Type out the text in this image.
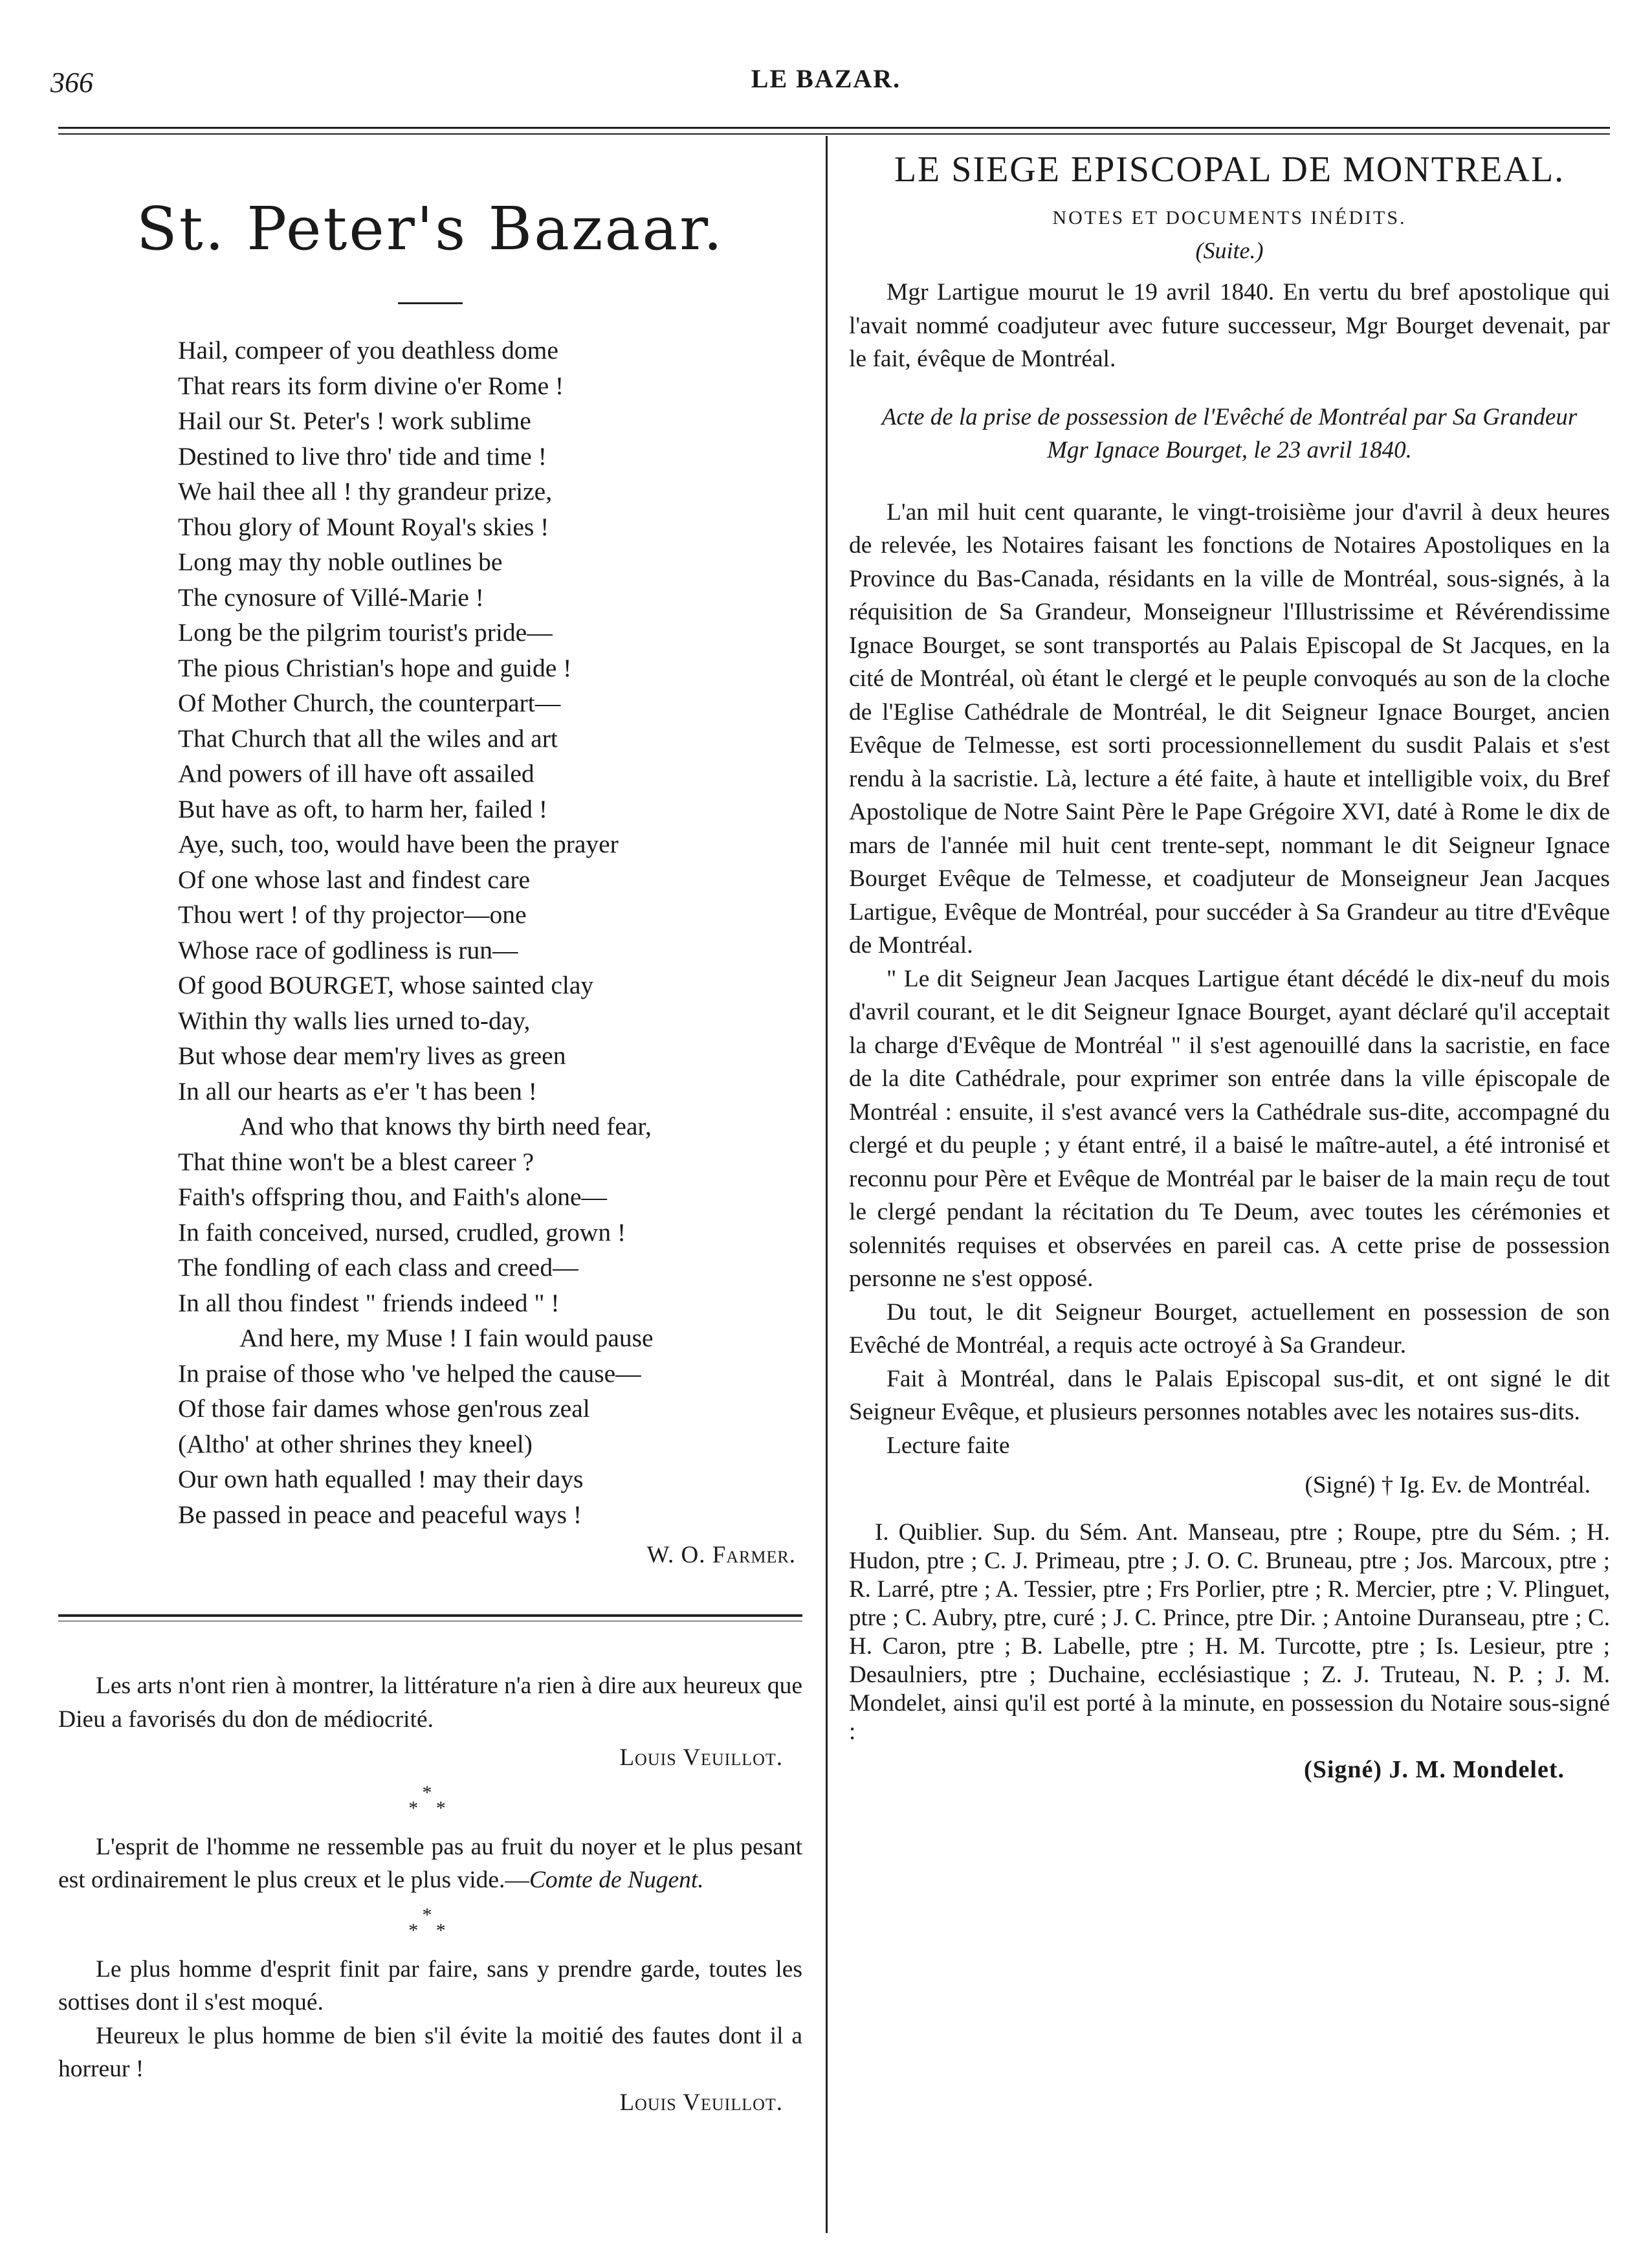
366	LE BAZAR.
St. Peter's Bazaar.
Hail, compeer of you deathless dome
That rears its form divine o'er Rome !
Hail our St. Peter's ! work sublime
Destined to live thro' tide and time !
We hail thee all ! thy grandeur prize,
Thou glory of Mount Royal's skies !
Long may thy noble outlines be
The cynosure of Villé-Marie !
Long be the pilgrim tourist's pride—
The pious Christian's hope and guide !
Of Mother Church, the counterpart—
That Church that all the wiles and art
And powers of ill have oft assailed
But have as oft, to harm her, failed !
Aye, such, too, would have been the prayer
Of one whose last and findest care
Thou wert ! of thy projector—one
Whose race of godliness is run—
Of good BOURGET, whose sainted clay
Within thy walls lies urned to-day,
But whose dear mem'ry lives as green
In all our hearts as e'er 't has been !
And who that knows thy birth need fear,
That thine won't be a blest career ?
Faith's offspring thou, and Faith's alone—
In faith conceived, nursed, crudled, grown !
The fondling of each class and creed—
In all thou findest " friends indeed " !
And here, my Muse ! I fain would pause
In praise of those who 've helped the cause—
Of those fair dames whose gen'rous zeal
(Altho' at other shrines they kneel)
Our own hath equalled ! may their days
Be passed in peace and peaceful ways !
W. O. Farmer.

Les arts n'ont rien à montrer, la littérature n'a rien à dire aux heureux que Dieu a favorisés du don de médiocrité.

Louis Veuillot.
*
* *

L'esprit de l'homme ne ressemble pas au fruit du noyer et le plus pesant est ordinairement le plus creux et le plus vide.—Comte de Nugent.

*
* *

Le plus homme d'esprit finit par faire, sans y prendre garde, toutes les sottises dont il s'est moqué.

Heureux le plus homme de bien s'il évite la moitié des fautes dont il a horreur !

Louis Veuillot.
LE SIEGE EPISCOPAL DE MONTREAL.
NOTES ET DOCUMENTS INÉDITS.
(Suite.)

Mgr Lartigue mourut le 19 avril 1840. En vertu du bref apostolique qui l'avait nommé coadjuteur avec future successeur, Mgr Bourget devenait, par le fait, évêque de Montréal.

Acte de la prise de possession de l'Evêché de Montréal par Sa Grandeur Mgr Ignace Bourget, le 23 avril 1840.

L'an mil huit cent quarante, le vingt-troisième jour d'avril à deux heures de relevée, les Notaires faisant les fonctions de Notaires Apostoliques en la Province du Bas-Canada, résidants en la ville de Montréal, sous-signés, à la réquisition de Sa Grandeur, Monseigneur l'Illustrissime et Révérendissime Ignace Bourget, se sont transportés au Palais Episcopal de St Jacques, en la cité de Montréal, où étant le clergé et le peuple convoqués au son de la cloche de l'Eglise Cathédrale de Montréal, le dit Seigneur Ignace Bourget, ancien Evêque de Telmesse, est sorti processionnellement du susdit Palais et s'est rendu à la sacristie. Là, lecture a été faite, à haute et intelligible voix, du Bref Apostolique de Notre Saint Père le Pape Grégoire XVI, daté à Rome le dix de mars de l'année mil huit cent trente-sept, nommant le dit Seigneur Ignace Bourget Evêque de Telmesse, et coadjuteur de Monseigneur Jean Jacques Lartigue, Evêque de Montréal, pour succéder à Sa Grandeur au titre d'Evêque de Montréal.

" Le dit Seigneur Jean Jacques Lartigue étant décédé le dix-neuf du mois d'avril courant, et le dit Seigneur Ignace Bourget, ayant déclaré qu'il acceptait la charge d'Evêque de Montréal " il s'est agenouillé dans la sacristie, en face de la dite Cathédrale, pour exprimer son entrée dans la ville épiscopale de Montréal : ensuite, il s'est avancé vers la Cathédrale sus-dite, accompagné du clergé et du peuple ; y étant entré, il a baisé le maître-autel, a été intronisé et reconnu pour Père et Evêque de Montréal par le baiser de la main reçu de tout le clergé pendant la récitation du Te Deum, avec toutes les cérémonies et solennités requises et observées en pareil cas. A cette prise de possession personne ne s'est opposé.

Du tout, le dit Seigneur Bourget, actuellement en possession de son Evêché de Montréal, a requis acte octroyé à Sa Grandeur.

Fait à Montréal, dans le Palais Episcopal sus-dit, et ont signé le dit Seigneur Evêque, et plusieurs personnes notables avec les notaires sus-dits.

Lecture faite

(Signé) † Ig. Ev. de Montréal.
I. Quiblier. Sup. du Sém. Ant. Manseau, ptre ; Roupe, ptre du Sém. ; H. Hudon, ptre ; C. J. Primeau, ptre ; J. O. C. Bruneau, ptre ; Jos. Marcoux, ptre ; R. Larré, ptre ; A. Tessier, ptre ; Frs Porlier, ptre ; R. Mercier, ptre ; V. Plinguet, ptre ; C. Aubry, ptre, curé ; J. C. Prince, ptre Dir. ; Antoine Duranseau, ptre ; C. H. Caron, ptre ; B. Labelle, ptre ; H. M. Turcotte, ptre ; Is. Lesieur, ptre ; Desaulniers, ptre ; Duchaine, ecclésiastique ; Z. J. Truteau, N. P. ; J. M. Mondelet, ainsi qu'il est porté à la minute, en possession du Notaire sous-signé :
(Signé) J. M. Mondelet.
